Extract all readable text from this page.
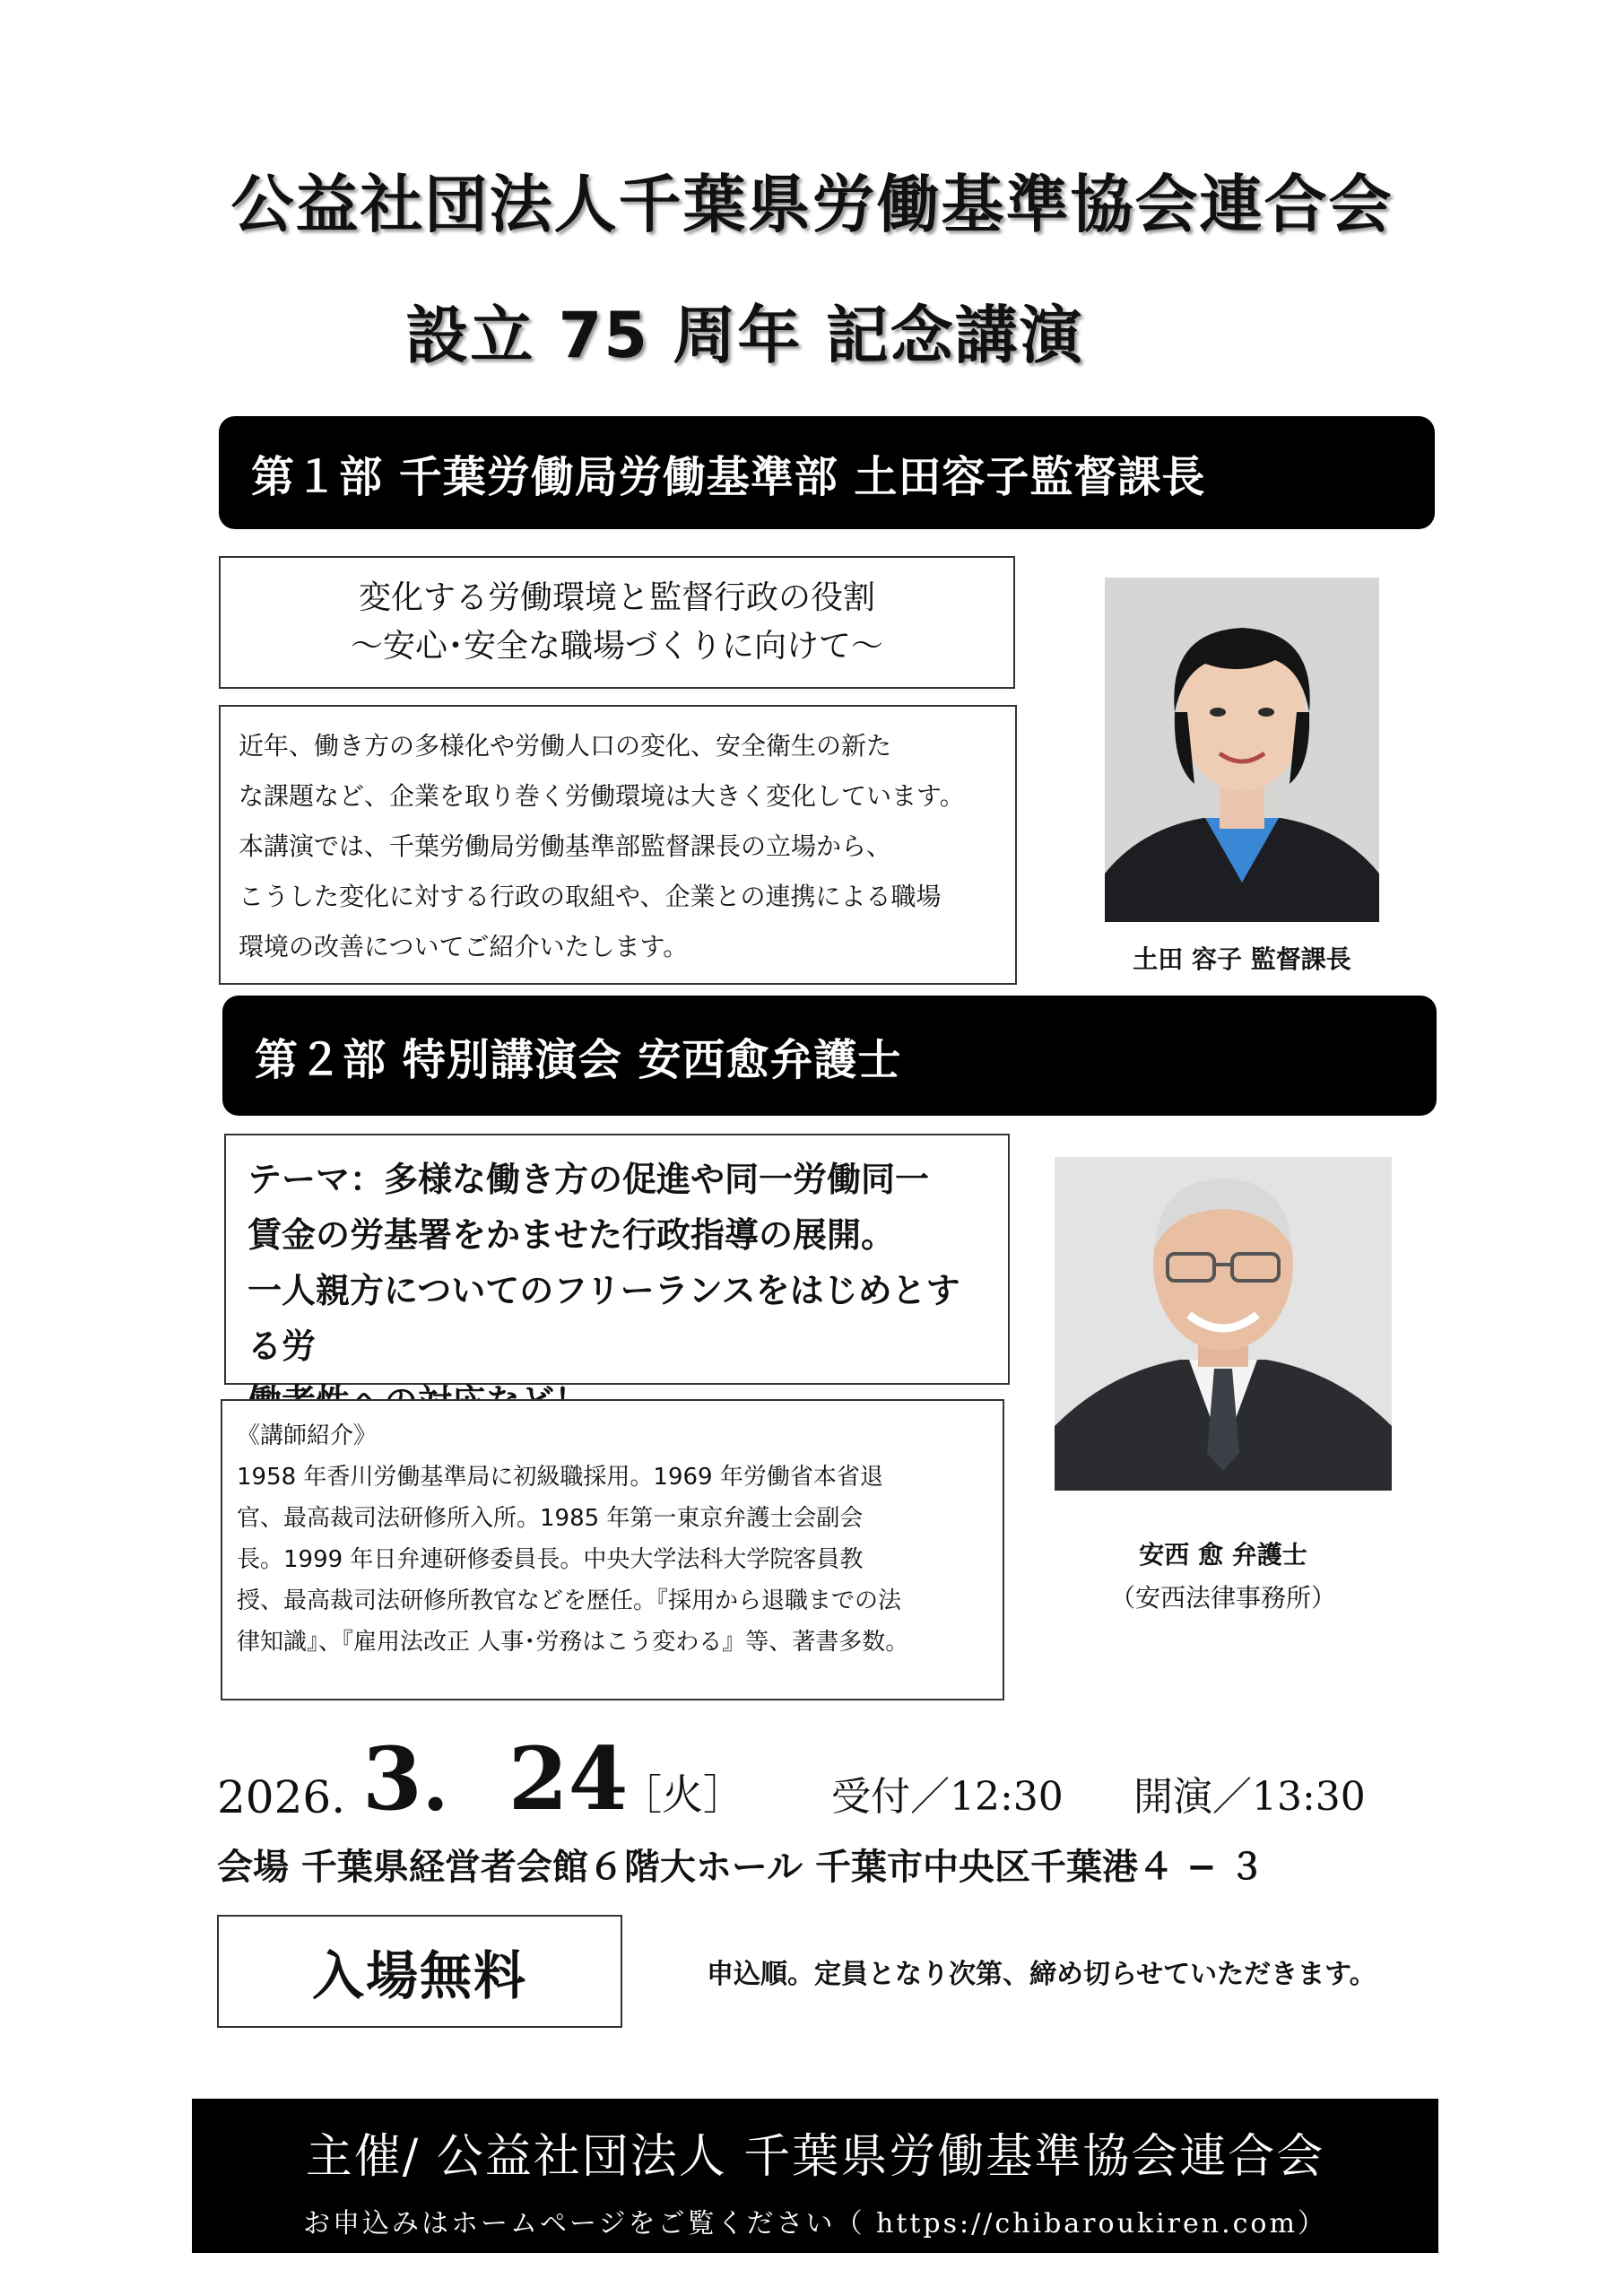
公益社団法人千葉県労働基準協会連合会
設立 75 周年 記念講演
第１部 千葉労働局労働基準部 土田容子監督課長
変化する労働環境と監督行政の役割
〜安心･安全な職場づくりに向けて〜
近年、働き方の多様化や労働人口の変化、安全衛生の新た
な課題など、企業を取り巻く労働環境は大きく変化しています。
本講演では、千葉労働局労働基準部監督課長の立場から、
こうした変化に対する行政の取組や、企業との連携による職場
環境の改善についてご紹介いたします。	土田 容子 監督課長
第２部 特別講演会 安西愈弁護士
テーマ：多様な働き方の促進や同一労働同一
賃金の労基署をかませた行政指導の展開。
一人親方についてのフリーランスをはじめとする労
《講師紹介》
1958 年香川労働基準局に初級職採用。1969 年労働省本省退
官、最高裁司法研修所入所。1985 年第一東京弁護士会副会
長。1999 年日弁連研修委員長。中央大学法科大学院客員教
授、最高裁司法研修所教官などを歴任。『採用から退職までの法
律知識』、『雇用法改正 人事･労務はこう変わる』等、著書多数。
安西 愈 弁護士
（安西法律事務所）
2026. 3．24
［火］ 受付／12:30 開演／13:30
会場 千葉県経営者会館６階大ホール 千葉市中央区千葉港４ − ３
入場無料	申込順。定員となり次第、締め切らせていただきます。
主催/ 公益社団法人 千葉県労働基準協会連合会
お申込みはホームページをご覧ください（ https://chibaroukiren.com）
